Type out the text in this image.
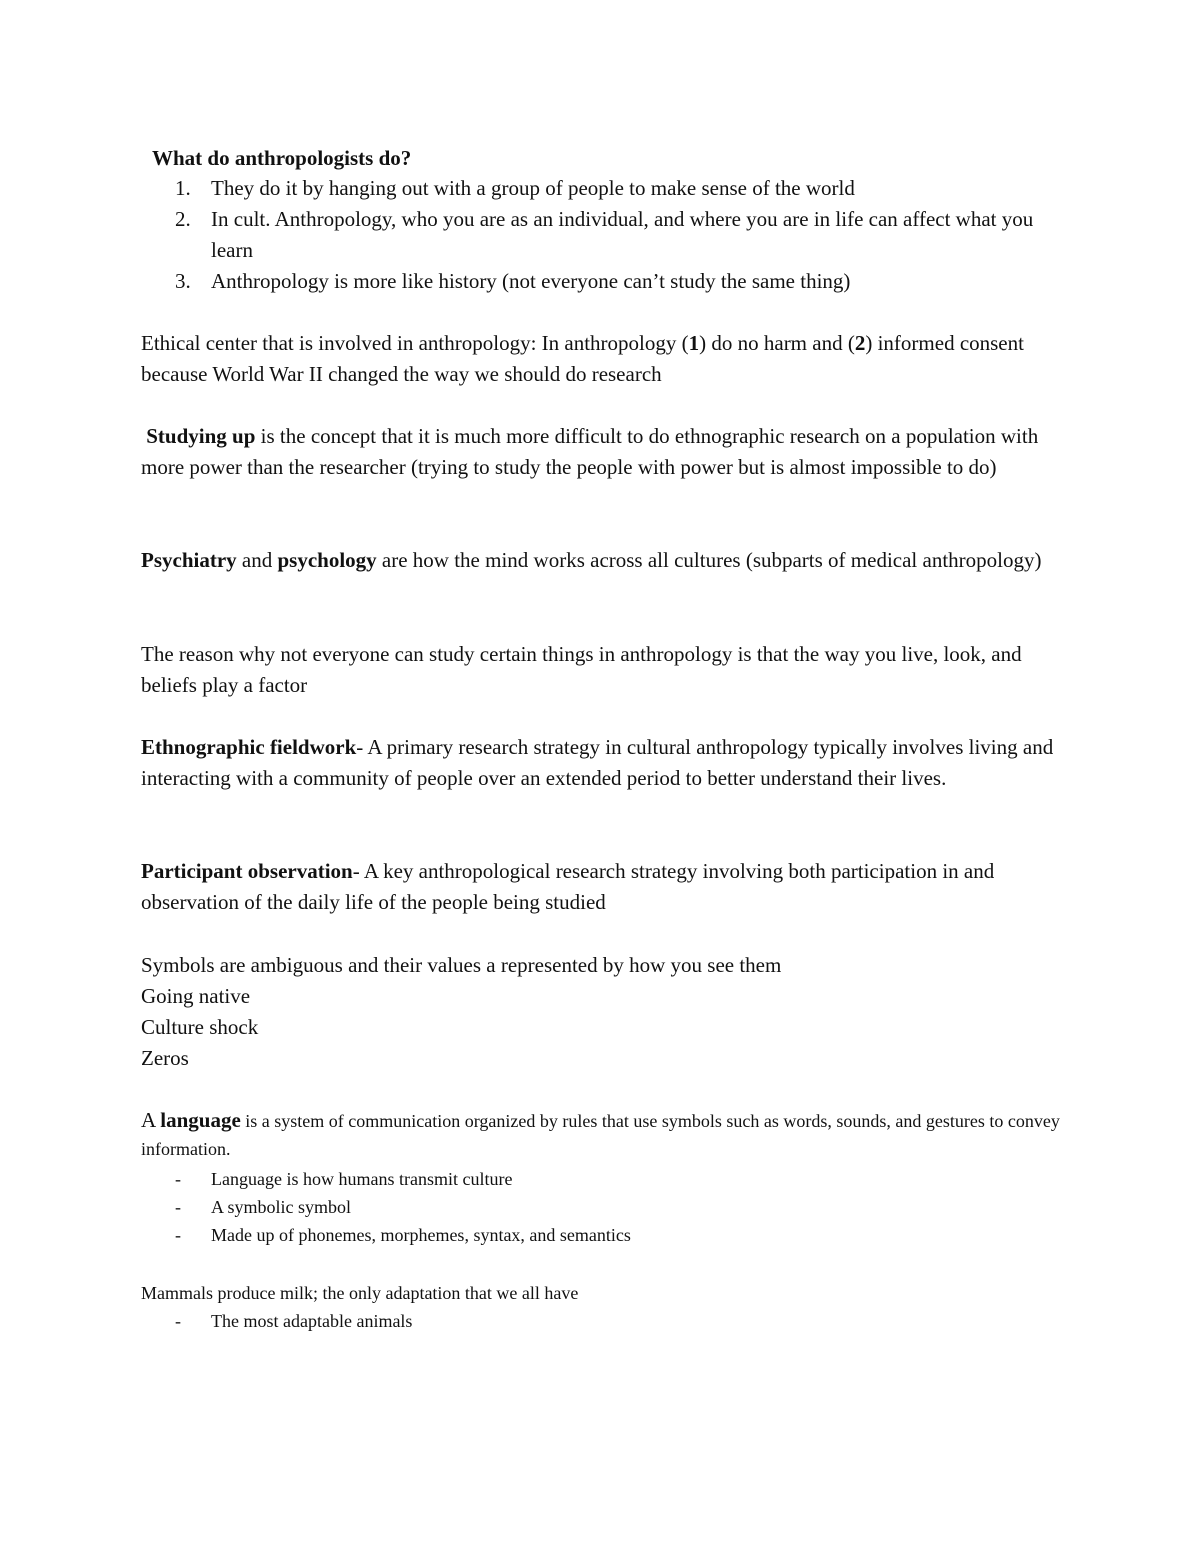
What do anthropologists do?

1. They do it by hanging out with a group of people to make sense of the world
2. In cult. Anthropology, who you are as an individual, and where you are in life can affect what you learn
3. Anthropology is more like history (not everyone can’t study the same thing)

Ethical center that is involved in anthropology: In anthropology (1) do no harm and (2) informed consent because World War II changed the way we should do research

Studying up is the concept that it is much more difficult to do ethnographic research on a population with more power than the researcher (trying to study the people with power but is almost impossible to do)

Psychiatry and psychology are how the mind works across all cultures (subparts of medical anthropology)

The reason why not everyone can study certain things in anthropology is that the way you live, look, and beliefs play a factor

Ethnographic fieldwork- A primary research strategy in cultural anthropology typically involves living and interacting with a community of people over an extended period to better understand their lives.

Participant observation- A key anthropological research strategy involving both participation in and observation of the daily life of the people being studied

Symbols are ambiguous and their values a represented by how you see them
Going native
Culture shock
Zeros

A language is a system of communication organized by rules that use symbols such as words, sounds, and gestures to convey information.

- Language is how humans transmit culture
- A symbolic symbol
- Made up of phonemes, morphemes, syntax, and semantics

Mammals produce milk; the only adaptation that we all have

- The most adaptable animals
